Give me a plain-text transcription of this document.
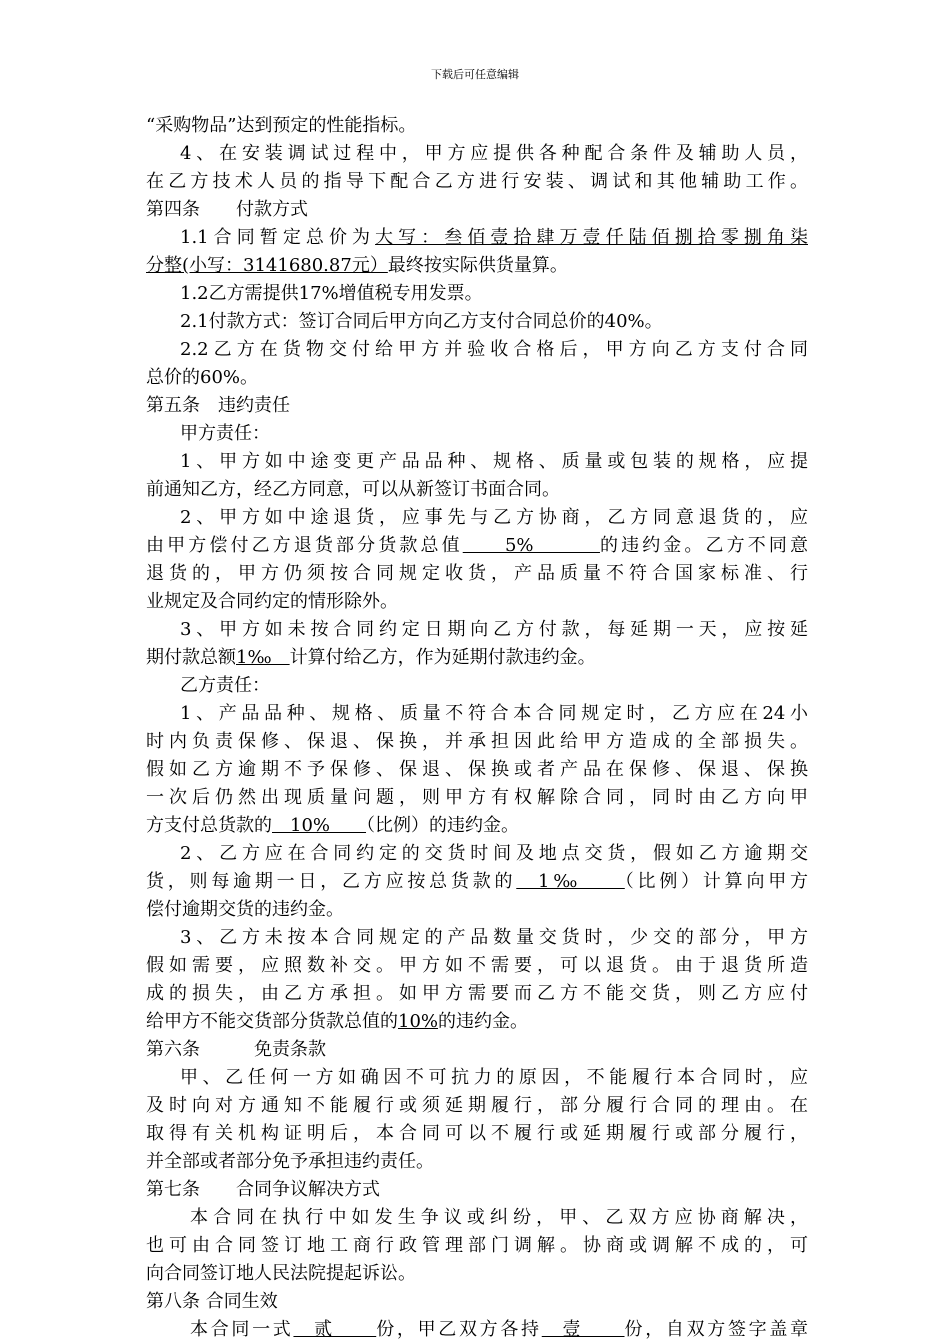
下载后可任意编辑
“采购物品”达到预定的性能指标。
4、在安装调试过程中，甲方应提供各种配合条件及辅助人员，
在乙方技术人员的指导下配合乙方进行安装、调试和其他辅助工作。
第四条　　付款方式
1.1合同暂定总价为大写：叁佰壹拾肆万壹仟陆佰捌拾零捌角柒
分整(小写：3141680.87元）最终按实际供货量算。
1.2乙方需提供17%增值税专用发票。
2.1付款方式：签订合同后甲方向乙方支付合同总价的40%。
2.2乙方在货物交付给甲方并验收合格后，甲方向乙方支付合同
总价的60%。
第五条　违约责任
甲方责任：
1、甲方如中途变更产品品种、规格、质量或包装的规格，应提
前通知乙方，经乙方同意，可以从新签订书面合同。
2、甲方如中途退货，应事先与乙方协商，乙方同意退货的，应
由甲方偿付乙方退货部分货款总值　　5%　　　的违约金。乙方不同意
退货的，甲方仍须按合同规定收货，产品质量不符合国家标准、行
业规定及合同约定的情形除外。
3、甲方如未按合同约定日期向乙方付款，每延期一天，应按延
期付款总额1‰　计算付给乙方，作为延期付款违约金。
乙方责任：
1、产品品种、规格、质量不符合本合同规定时，乙方应在24小
时内负责保修、保退、保换，并承担因此给甲方造成的全部损失。
假如乙方逾期不予保修、保退、保换或者产品在保修、保退、保换
一次后仍然出现质量问题，则甲方有权解除合同，同时由乙方向甲
方支付总货款的　10%　　（比例）的违约金。
2、乙方应在合同约定的交货时间及地点交货，假如乙方逾期交
货，则每逾期一日，乙方应按总货款的　1‰　　（比例）计算向甲方
偿付逾期交货的违约金。
3、乙方未按本合同规定的产品数量交货时，少交的部分，甲方
假如需要，应照数补交。甲方如不需要，可以退货。由于退货所造
成的损失，由乙方承担。如甲方需要而乙方不能交货，则乙方应付
给甲方不能交货部分货款总值的10%的违约金。
第六条　　　免责条款
甲、乙任何一方如确因不可抗力的原因，不能履行本合同时，应
及时向对方通知不能履行或须延期履行，部分履行合同的理由。在
取得有关机构证明后，本合同可以不履行或延期履行或部分履行，
并全部或者部分免予承担违约责任。
第七条　　合同争议解决方式
本合同在执行中如发生争议或纠纷，甲、乙双方应协商解决，
也可由合同签订地工商行政管理部门调解。协商或调解不成的，可
向合同签订地人民法院提起诉讼。
第八条 合同生效
本合同一式　贰　　份，甲乙双方各持　壹　　份，自双方签字盖章
